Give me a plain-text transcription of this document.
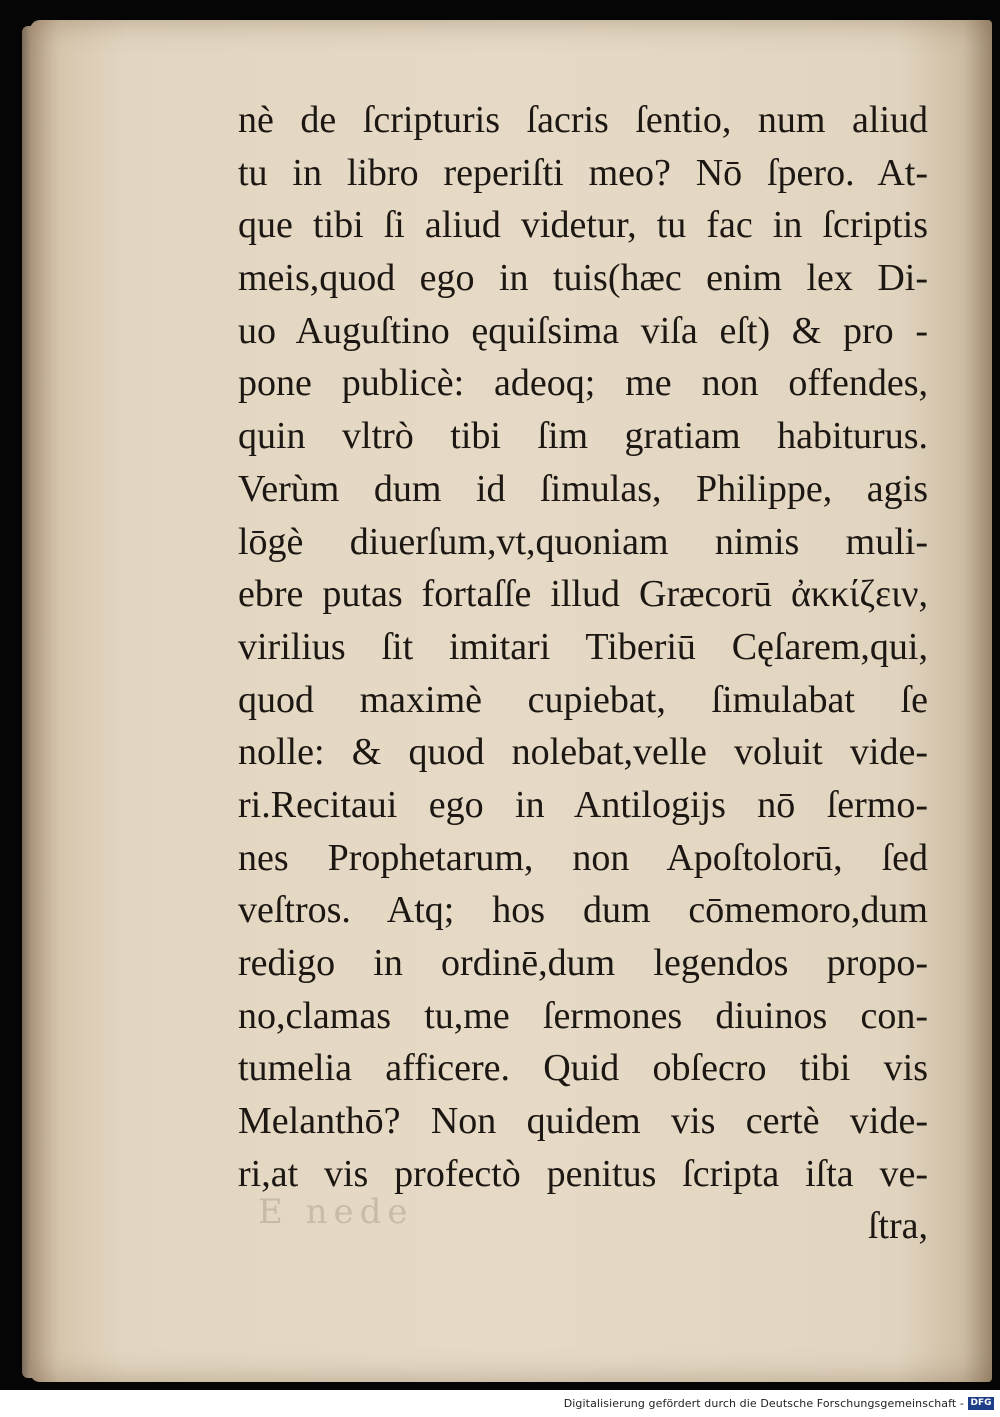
E nede
nè de ſcripturis ſacris ſentio, num aliud
tu in libro reperiſti meo? Nō ſpero. At-
que tibi ſi aliud videtur, tu fac in ſcriptis
meis,quod ego in tuis(hæc enim lex Di-
uo Auguſtino ęquiſsima viſa eſt) & pro -
pone publicè: adeoq; me non offendes,
quin vltrò tibi ſim gratiam habiturus.
Verùm dum id ſimulas, Philippe, agis
lōgè diuerſum,vt,quoniam nimis muli-
ebre putas fortaſſe illud Græcorū ἀκκίζειν,
virilius ſit imitari Tiberiū Cęſarem,qui,
quod maximè cupiebat, ſimulabat ſe
nolle: & quod nolebat,velle voluit vide-
ri.Recitaui ego in Antilogijs nō ſermo-
nes Prophetarum, non Apoſtolorū, ſed
veſtros. Atq; hos dum cōmemoro,dum
redigo in ordinē,dum legendos propo-
no,clamas tu,me ſermones diuinos con-
tumelia afficere. Quid obſecro tibi vis
Melanthō? Non quidem vis certè vide-
ri,at vis profectò penitus ſcripta iſta ve-
ſtra,
Digitalisierung gefördert durch die Deutsche Forschungsgemeinschaft - DFG
